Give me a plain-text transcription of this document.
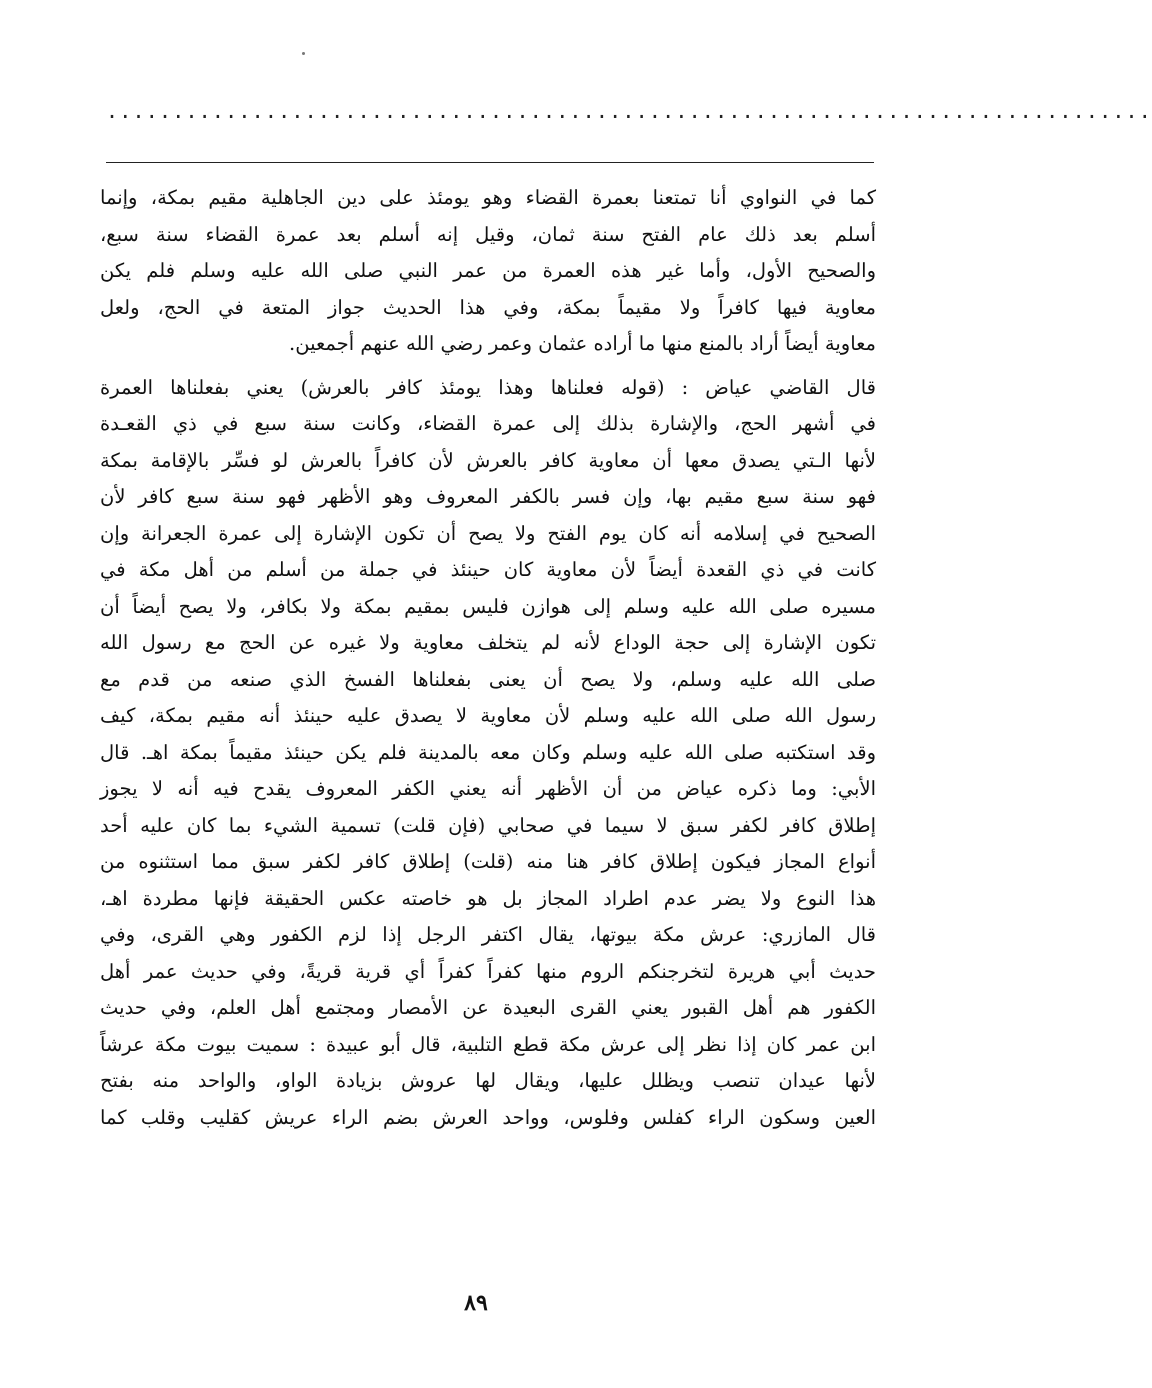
...............................................................................
كما في النواوي أنا تمتعنا بعمرة القضاء وهو يومئذ على دين الجاهلية مقيم بمكة، وإنما
أسلم بعد ذلك عام الفتح سنة ثمان، وقيل إنه أسلم بعد عمرة القضاء سنة سبع،
والصحيح الأول، وأما غير هذه العمرة من عمر النبي صلى الله عليه وسلم فلم يكن
معاوية فيها كافراً ولا مقيماً بمكة، وفي هذا الحديث جواز المتعة في الحج، ولعل
معاوية أيضاً أراد بالمنع منها ما أراده عثمان وعمر رضي الله عنهم أجمعين.
قال القاضي عياض : (قوله فعلناها وهذا يومئذ كافر بالعرش) يعني بفعلناها العمرة
في أشهر الحج، والإشارة بذلك إلى عمرة القضاء، وكانت سنة سبع في ذي القعـدة
لأنها الـتي يصدق معها أن معاوية كافر بالعرش لأن كافراً بالعرش لو فسِّر بالإقامة بمكة
فهو سنة سبع مقيم بها، وإن فسر بالكفر المعروف وهو الأظهر فهو سنة سبع كافر لأن
الصحيح في إسلامه أنه كان يوم الفتح ولا يصح أن تكون الإشارة إلى عمرة الجعرانة وإن
كانت في ذي القعدة أيضاً لأن معاوية كان حينئذ في جملة من أسلم من أهل مكة في
مسيره صلى الله عليه وسلم إلى هوازن فليس بمقيم بمكة ولا بكافر، ولا يصح أيضاً أن
تكون الإشارة إلى حجة الوداع لأنه لم يتخلف معاوية ولا غيره عن الحج مع رسول الله
صلى الله عليه وسلم، ولا يصح أن يعنى بفعلناها الفسخ الذي صنعه من قدم مع
رسول الله صلى الله عليه وسلم لأن معاوية لا يصدق عليه حينئذ أنه مقيم بمكة، كيف
وقد استكتبه صلى الله عليه وسلم وكان معه بالمدينة فلم يكن حينئذ مقيماً بمكة اهـ. قال
الأبي: وما ذكره عياض من أن الأظهر أنه يعني الكفر المعروف يقدح فيه أنه لا يجوز
إطلاق كافر لكفر سبق لا سيما في صحابي (فإن قلت) تسمية الشيء بما كان عليه أحد
أنواع المجاز فيكون إطلاق كافر هنا منه (قلت) إطلاق كافر لكفر سبق مما استثنوه من
هذا النوع ولا يضر عدم اطراد المجاز بل هو خاصته عكس الحقيقة فإنها مطردة اهـ،
قال المازري: عرش مكة بيوتها، يقال اكتفر الرجل إذا لزم الكفور وهي القرى، وفي
حديث أبي هريرة لتخرجنكم الروم منها كفراً كفراً أي قرية قريةً، وفي حديث عمر أهل
الكفور هم أهل القبور يعني القرى البعيدة عن الأمصار ومجتمع أهل العلم، وفي حديث
ابن عمر كان إذا نظر إلى عرش مكة قطع التلبية، قال أبو عبيدة : سميت بيوت مكة عرشاً
لأنها عيدان تنصب ويظلل عليها، ويقال لها عروش بزيادة الواو، والواحد منه بفتح
العين وسكون الراء كفلس وفلوس، وواحد العرش بضم الراء عريش كقليب وقلب كما
٨٩
